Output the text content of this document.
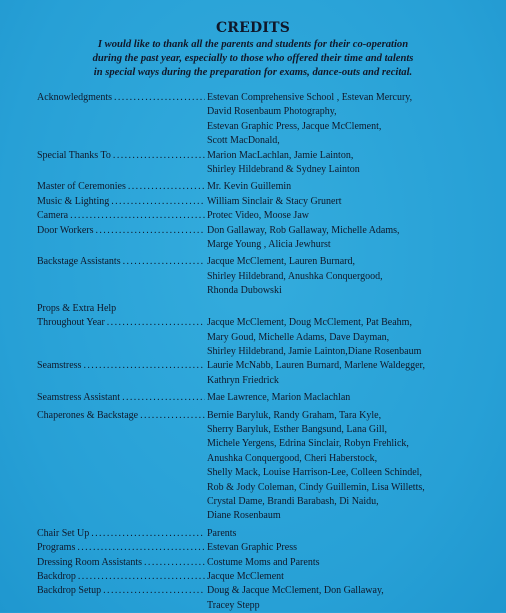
CREDITS
I would like to thank all the parents and students for their co-operation
during the past year, especially to those who offered their time and talents
in special ways during the preparation for exams, dance-outs and recital.
Acknowledgments .....	Estevan Comprehensive School , Estevan Mercury,
David Rosenbaum Photography,
Estevan Graphic Press, Jacque McClement,
Scott MacDonald,
Special Thanks To .....	Marion MacLachlan, Jamie Lainton,
Shirley Hildebrand & Sydney Lainton
Master of Ceremonies .....	Mr. Kevin Guillemin
Music & Lighting .....	William Sinclair & Stacy Grunert
Camera .....	Protec Video, Moose Jaw
Door Workers .....	Don Gallaway, Rob Gallaway, Michelle Adams,
Marge Young , Alicia Jewhurst
Backstage Assistants .....	Jacque McClement, Lauren Burnard,
Shirley Hildebrand, Anushka Conquergood,
Rhonda Dubowski
Props & Extra Help
Throughout Year .....	Jacque McClement, Doug McClement, Pat Beahm,
Mary Goud, Michelle Adams, Dave Dayman,
Shirley Hildebrand, Jamie Lainton,Diane Rosenbaum
Seamstress .....	Laurie McNabb, Lauren Burnard, Marlene Waldegger,
Kathryn Friedrick
Seamstress Assistant .....	Mae Lawrence, Marion Maclachlan
Chaperones & Backstage .....	Bernie Baryluk, Randy Graham, Tara Kyle,
Sherry Baryluk, Esther Bangsund, Lana Gill,
Michele Yergens, Edrina Sinclair, Robyn Frehlick,
Anushka Conquergood, Cheri Haberstock,
Shelly Mack, Louise Harrison-Lee, Colleen Schindel,
Rob & Jody Coleman, Cindy Guillemin, Lisa Willetts,
Crystal Dame, Brandi Barabash, Di Naidu,
Diane Rosenbaum
Chair Set Up .....	Parents
Programs .....	Estevan Graphic Press
Dressing Room Assistants .....	Costume Moms and Parents
Backdrop .....	Jacque McClement
Backdrop Setup .....	Doug & Jacque McClement, Don Gallaway,
Tracey Stepp
